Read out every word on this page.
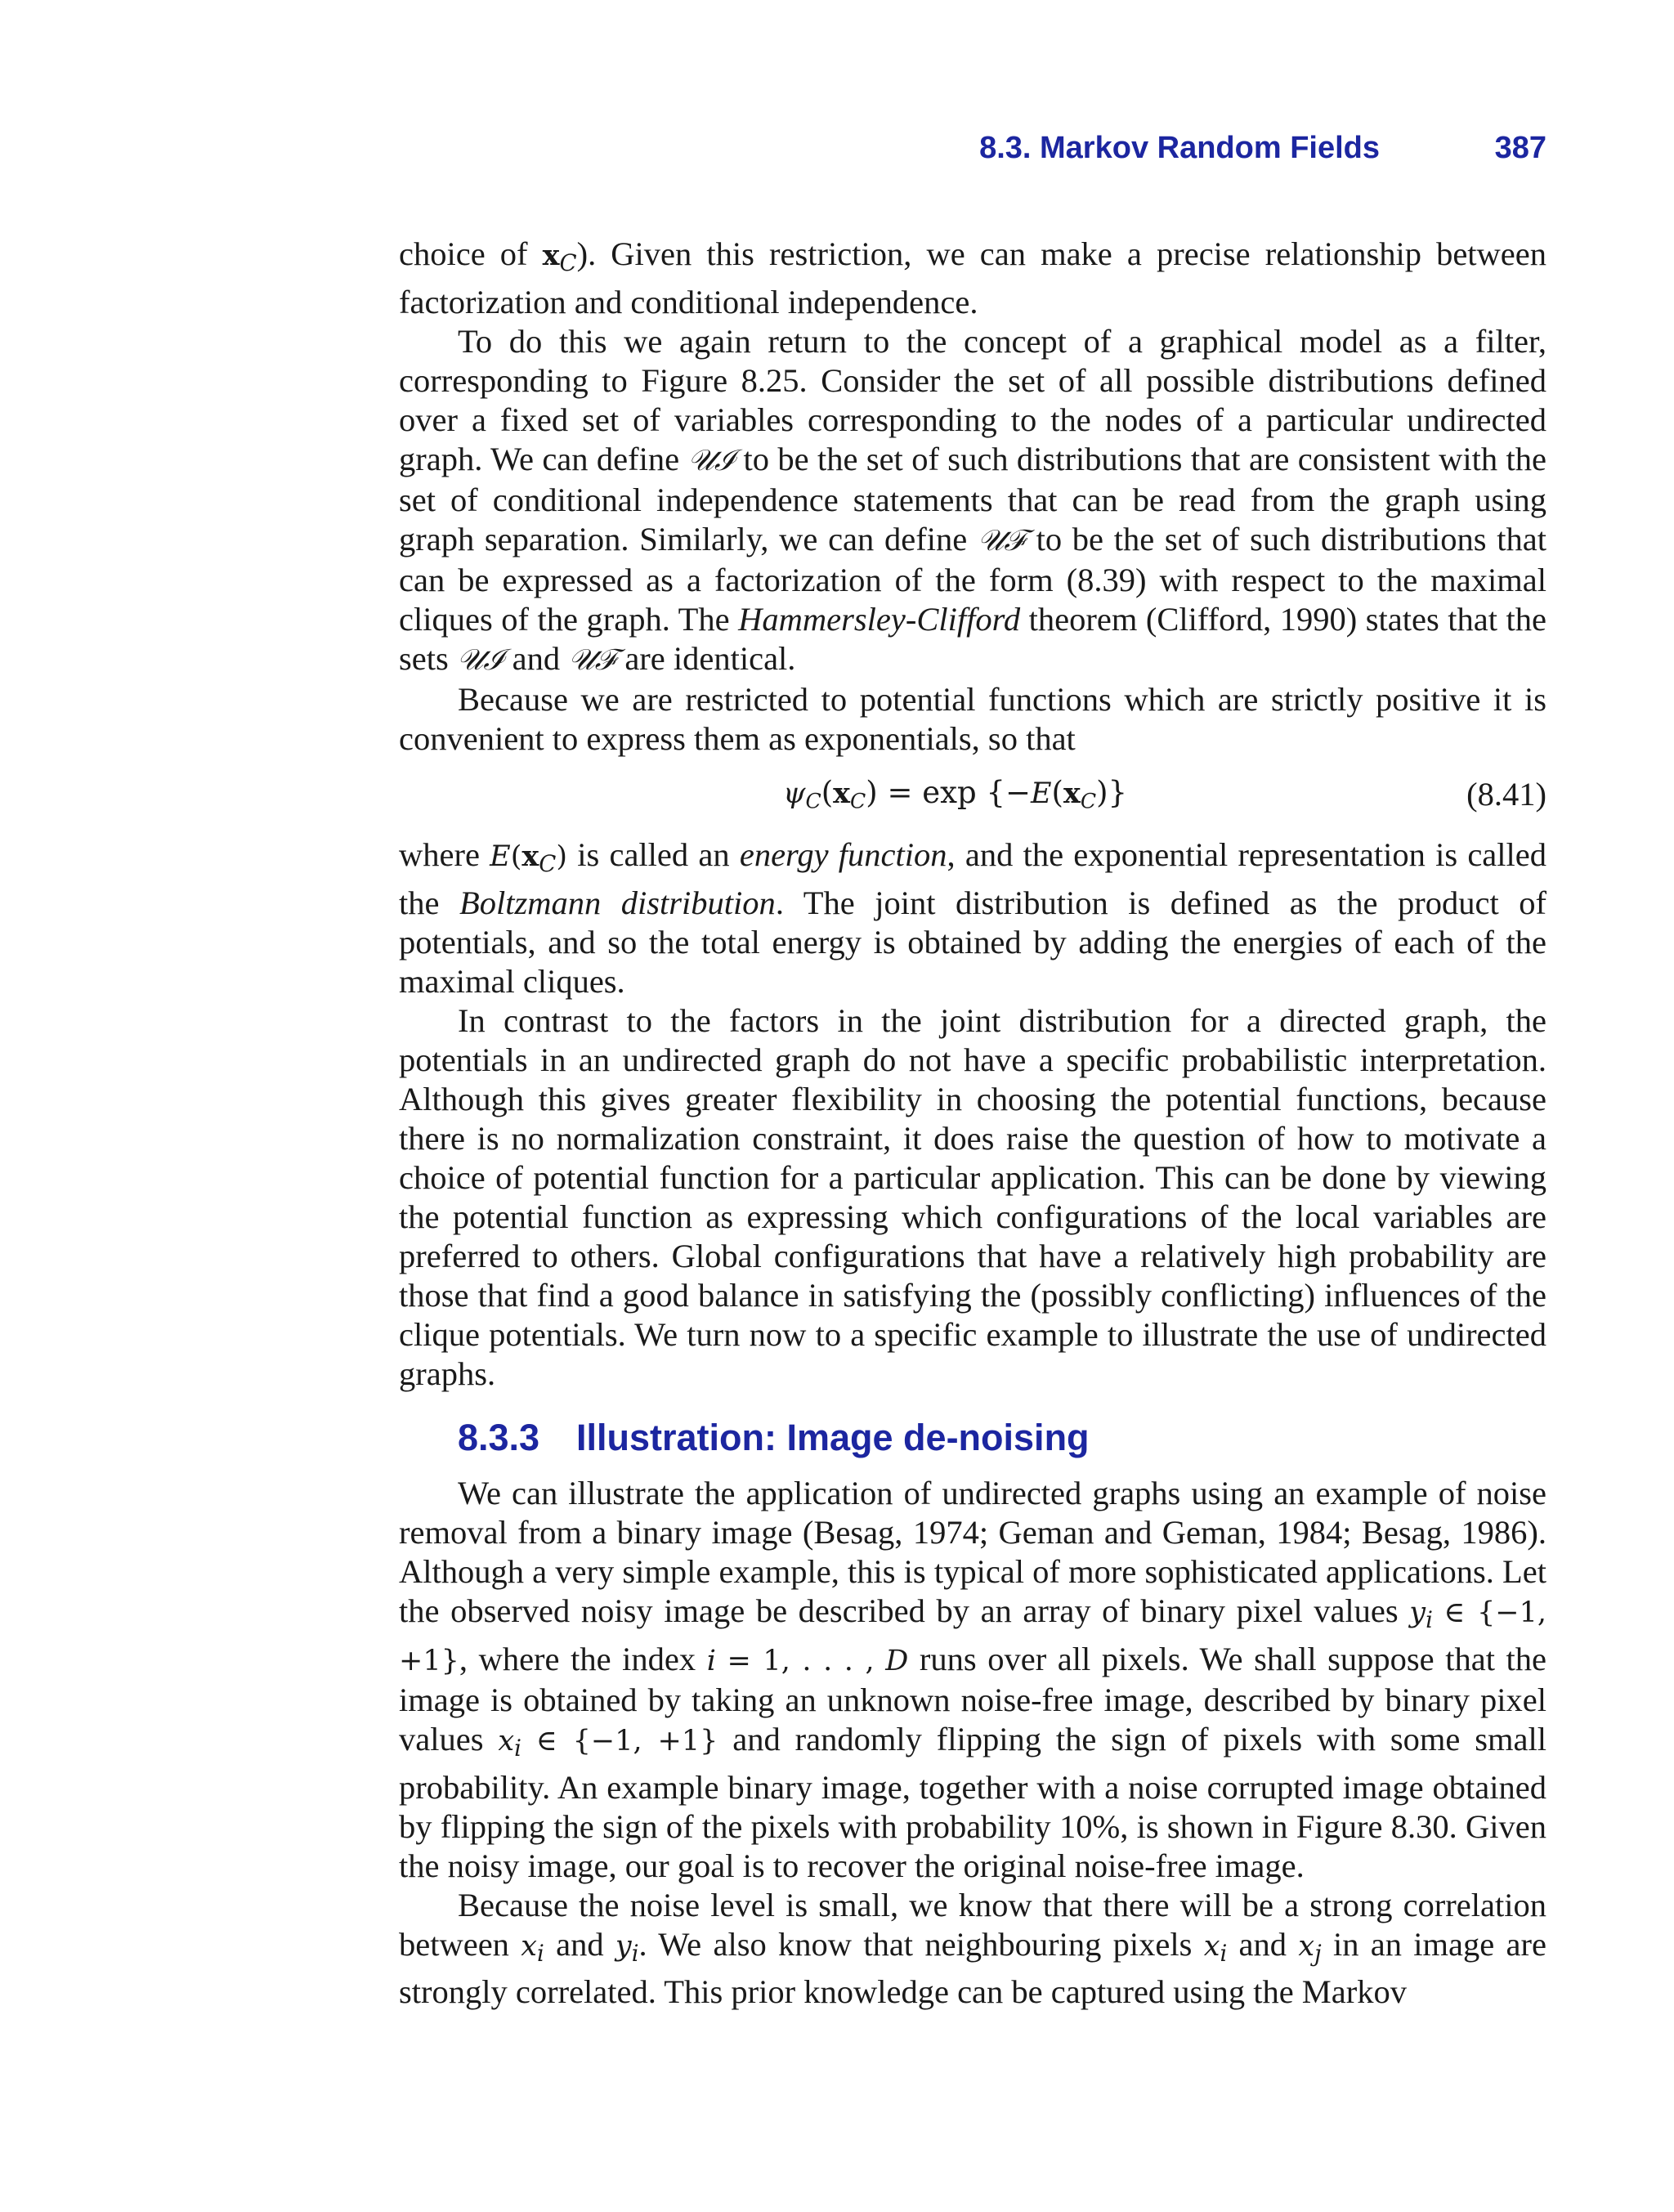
8.3. Markov Random Fields	387

choice of $x_C$). Given this restriction, we can make a precise relationship between factorization and conditional independence.

To do this we again return to the concept of a graphical model as a filter, corresponding to Figure 8.25. Consider the set of all possible distributions defined over a fixed set of variables corresponding to the nodes of a particular undirected graph. We can define 𝒰ℐ to be the set of such distributions that are consistent with the set of conditional independence statements that can be read from the graph using graph separation. Similarly, we can define 𝒰ℱ to be the set of such distributions that can be expressed as a factorization of the form (8.39) with respect to the maximal cliques of the graph. The Hammersley-Clifford theorem (Clifford, 1990) states that the sets 𝒰ℐ and 𝒰ℱ are identical.

Because we are restricted to potential functions which are strictly positive it is convenient to express them as exponentials, so that

$\psi_C(x_C) = \exp \{-E(x_C)\}$	(8.41)

where $E(x_C)$ is called an energy function, and the exponential representation is called the Boltzmann distribution. The joint distribution is defined as the product of potentials, and so the total energy is obtained by adding the energies of each of the maximal cliques.

In contrast to the factors in the joint distribution for a directed graph, the potentials in an undirected graph do not have a specific probabilistic interpretation. Although this gives greater flexibility in choosing the potential functions, because there is no normalization constraint, it does raise the question of how to motivate a choice of potential function for a particular application. This can be done by viewing the potential function as expressing which configurations of the local variables are preferred to others. Global configurations that have a relatively high probability are those that find a good balance in satisfying the (possibly conflicting) influences of the clique potentials. We turn now to a specific example to illustrate the use of undirected graphs.

8.3.3 Illustration: Image de-noising

We can illustrate the application of undirected graphs using an example of noise removal from a binary image (Besag, 1974; Geman and Geman, 1984; Besag, 1986). Although a very simple example, this is typical of more sophisticated applications. Let the observed noisy image be described by an array of binary pixel values $y_i$ ∈ {−1, +1}, where the index i = 1, . . . , D runs over all pixels. We shall suppose that the image is obtained by taking an unknown noise-free image, described by binary pixel values $x_i$ ∈ {−1, +1} and randomly flipping the sign of pixels with some small probability. An example binary image, together with a noise corrupted image obtained by flipping the sign of the pixels with probability 10%, is shown in Figure 8.30. Given the noisy image, our goal is to recover the original noise-free image.

Because the noise level is small, we know that there will be a strong correlation between $x_i$ and $y_i$. We also know that neighbouring pixels $x_i$ and $x_j$ in an image are strongly correlated. This prior knowledge can be captured using the Markov
